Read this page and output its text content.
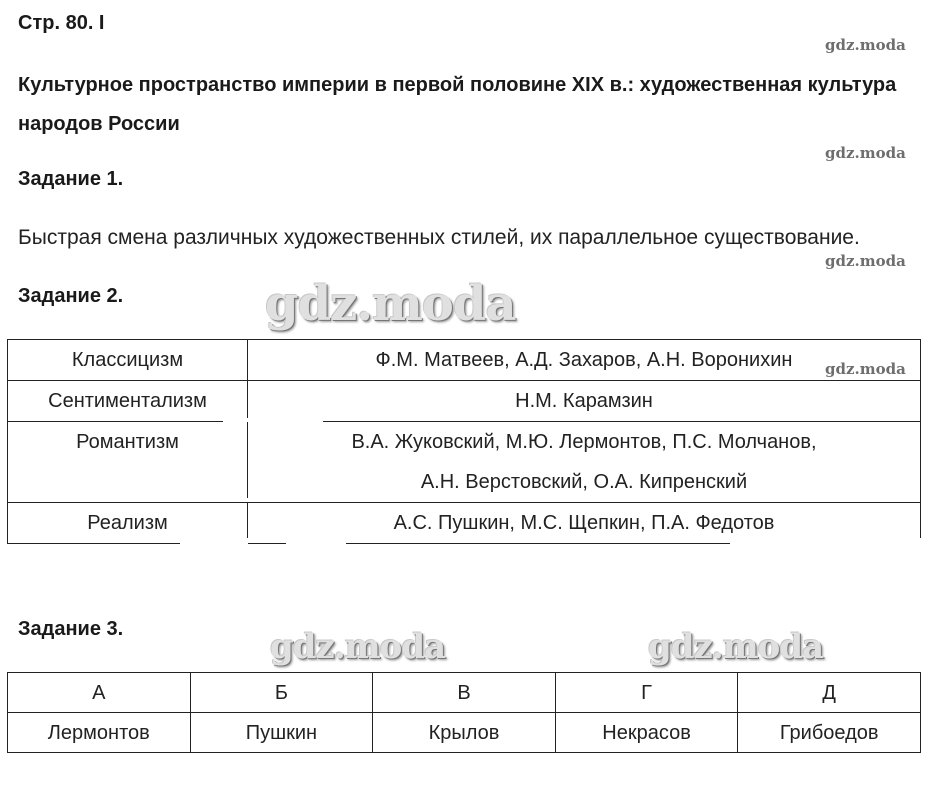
Стр. 80. I
gdz.moda
Культурное пространство империи в первой половине XIX в.: художественная культура народов России
gdz.moda
Задание 1.
Быстрая смена различных художественных стилей, их параллельное существование.
gdz.moda
Задание 2.	gdz.moda
Классицизм	Ф.М. Матвеев, А.Д. Захаров, А.Н. Воронихин
Сентиментализм	Н.М. Карамзин
Романтизм	В.А. Жуковский, М.Ю. Лермонтов, П.С. Молчанов,
А.Н. Верстовский, О.А. Кипренский

Реализм	А.С. Пушкин, М.С. Щепкин, П.А. Федотов
gdz.moda
Задание 3.	gdz.moda	gdz.moda
А	Б	В	Г	Д
Лермонтов	Пушкин	Крылов	Некрасов	Грибоедов
